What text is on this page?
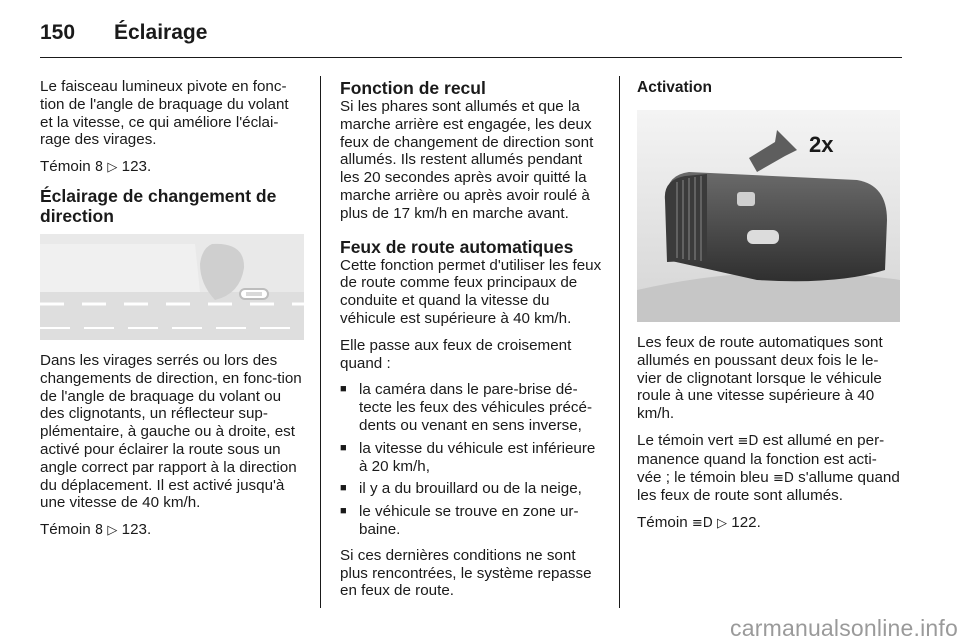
150	Éclairage

Le faisceau lumineux pivote en fonc-tion de l'angle de braquage du volant et la vitesse, ce qui améliore l'éclai-rage des virages.

Témoin 8 ▷ 123.

Éclairage de changement de direction

Dans les virages serrés ou lors des changements de direction, en fonc-tion de l'angle de braquage du volant ou des clignotants, un réflecteur sup-plémentaire, à gauche ou à droite, est activé pour éclairer la route sous un angle correct par rapport à la direction du déplacement. Il est activé jusqu'à une vitesse de 40 km/h.

Témoin 8 ▷ 123.

Fonction de recul

Si les phares sont allumés et que la marche arrière est engagée, les deux feux de changement de direction sont allumés. Ils restent allumés pendant les 20 secondes après avoir quitté la marche arrière ou après avoir roulé à plus de 17 km/h en marche avant.

Feux de route automatiques

Cette fonction permet d'utiliser les feux de route comme feux principaux de conduite et quand la vitesse du véhicule est supérieure à 40 km/h.

Elle passe aux feux de croisement quand :

■ la caméra dans le pare-brise dé-tecte les feux des véhicules précé-dents ou venant en sens inverse,
■ la vitesse du véhicule est inférieure à 20 km/h,
■ il y a du brouillard ou de la neige,
■ le véhicule se trouve en zone ur-baine.

Si ces dernières conditions ne sont plus rencontrées, le système repasse en feux de route.

Activation
2x

Les feux de route automatiques sont allumés en poussant deux fois le le-vier de clignotant lorsque le véhicule roule à une vitesse supérieure à 40 km/h.

Le témoin vert ≡D est allumé en per-manence quand la fonction est acti-vée ; le témoin bleu ≡D s'allume quand les feux de route sont allumés.

Témoin ≡D ▷ 122.

carmanualsonline.info
